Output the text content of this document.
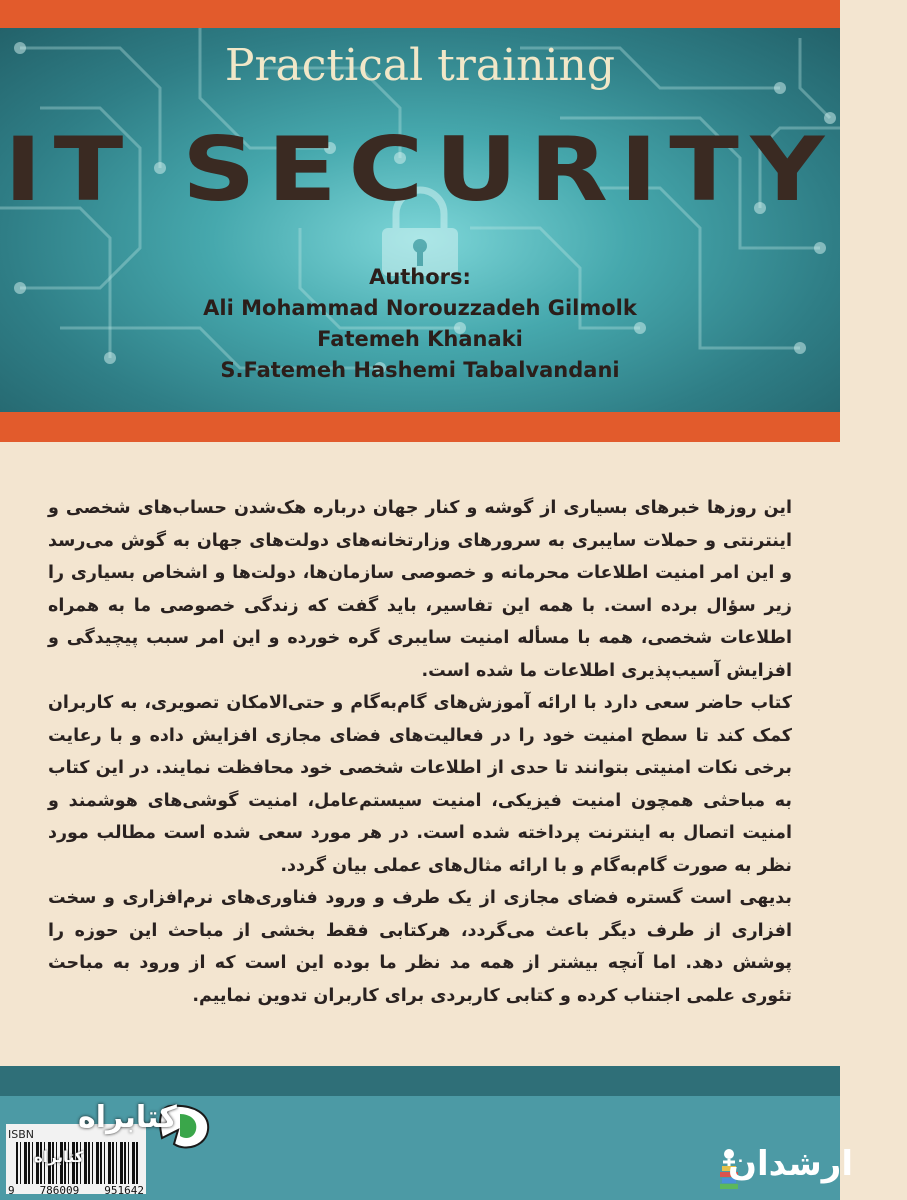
Practical training
IT SECURITY
Authors:
Ali Mohammad Norouzzadeh Gilmolk
Fatemeh Khanaki
S.Fatemeh Hashemi Tabalvandani

این روزها خبرهای بسیاری از گوشه و کنار جهان درباره هک‌شدن حساب‌های شخصی و اینترنتی و حملات سایبری به سرورهای وزارتخانه‌های دولت‌های جهان به گوش می‌رسد و این امر امنیت اطلاعات محرمانه و خصوصی سازمان‌ها، دولت‌ها و اشخاص بسیاری را زیر سؤال برده است. با همه این تفاسیر، باید گفت که زندگی خصوصی ما به همراه اطلاعات شخصی، همه با مسأله امنیت سایبری گره خورده و این امر سبب پیچیدگی و افزایش آسیب‌پذیری اطلاعات ما شده است.

کتاب حاضر سعی دارد با ارائه آموزش‌های گام‌به‌گام و حتی‌الامکان تصویری، به کاربران کمک کند تا سطح امنیت خود را در فعالیت‌های فضای مجازی افزایش داده و با رعایت برخی نکات امنیتی بتوانند تا حدی از اطلاعات شخصی خود محافظت نمایند. در این کتاب به مباحثی همچون امنیت فیزیکی، امنیت سیستم‌عامل، امنیت گوشی‌های هوشمند و امنیت اتصال به اینترنت پرداخته شده است. در هر مورد سعی شده است مطالب مورد نظر به صورت گام‌به‌گام و با ارائه مثال‌های عملی بیان گردد.

بدیهی است گستره فضای مجازی از یک طرف و ورود فناوری‌های نرم‌افزاری و سخت افزاری از طرف دیگر باعث می‌گردد، هرکتابی فقط بخشی از مباحث این حوزه را پوشش دهد. اما آنچه بیشتر از همه مد نظر ما بوده این است که از ورود به مباحث تئوری علمی اجتناب کرده و کتابی کاربردی برای کاربران تدوین نماییم.

ISBN
9 786009 951642
کتابراه
کتابراه	ارشدان
